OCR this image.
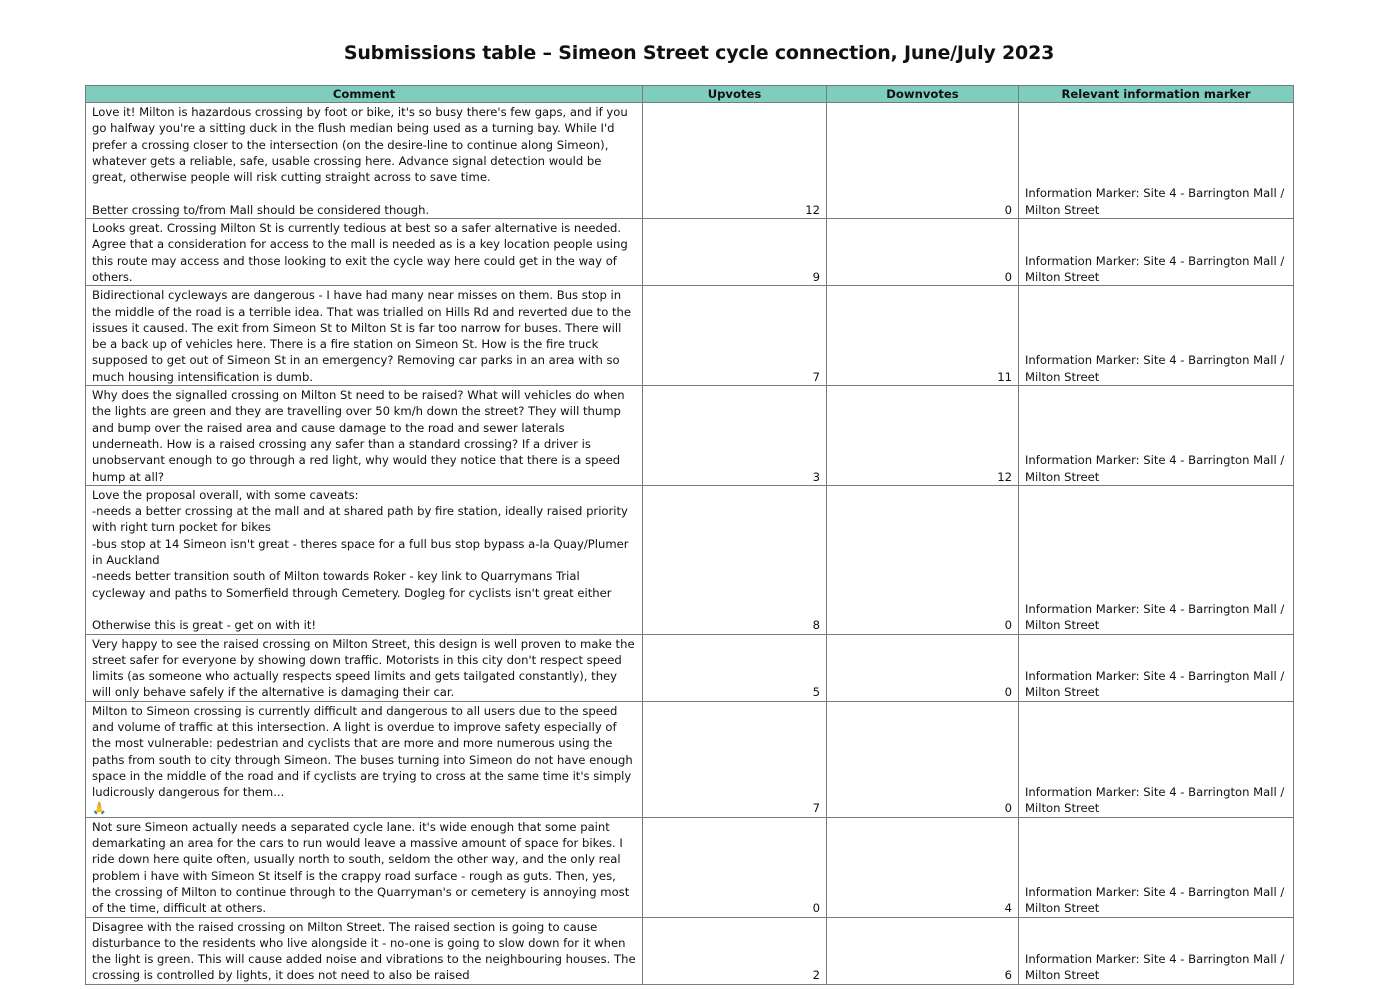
Submissions table – Simeon Street cycle connection, June/July 2023
Comment	Upvotes	Downvotes	Relevant information marker
Love it! Milton is hazardous crossing by foot or bike, it's so busy there's few gaps, and if you go halfway you're a sitting duck in the flush median being used as a turning bay. While I'd prefer a crossing closer to the intersection (on the desire-line to continue along Simeon), whatever gets a reliable, safe, usable crossing here. Advance signal detection would be great, otherwise people will risk cutting straight across to save time.

Better crossing to/from Mall should be considered though.	12	0	Information Marker: Site 4 - Barrington Mall / Milton Street
Looks great. Crossing Milton St is currently tedious at best so a safer alternative is needed. Agree that a consideration for access to the mall is needed as is a key location people using this route may access and those looking to exit the cycle way here could get in the way of others.	9	0	Information Marker: Site 4 - Barrington Mall / Milton Street
Bidirectional cycleways are dangerous - I have had many near misses on them. Bus stop in the middle of the road is a terrible idea. That was trialled on Hills Rd and reverted due to the issues it caused. The exit from Simeon St to Milton St is far too narrow for buses. There will be a back up of vehicles here. There is a fire station on Simeon St. How is the fire truck supposed to get out of Simeon St in an emergency? Removing car parks in an area with so much housing intensification is dumb.	7	11	Information Marker: Site 4 - Barrington Mall / Milton Street
Why does the signalled crossing on Milton St need to be raised? What will vehicles do when the lights are green and they are travelling over 50 km/h down the street? They will thump and bump over the raised area and cause damage to the road and sewer laterals underneath. How is a raised crossing any safer than a standard crossing? If a driver is unobservant enough to go through a red light, why would they notice that there is a speed hump at all?	3	12	Information Marker: Site 4 - Barrington Mall / Milton Street
Love the proposal overall, with some caveats:
-needs a better crossing at the mall and at shared path by fire station, ideally raised priority with right turn pocket for bikes
-bus stop at 14 Simeon isn't great - theres space for a full bus stop bypass a-la Quay/Plumer in Auckland
-needs better transition south of Milton towards Roker - key link to Quarrymans Trial cycleway and paths to Somerfield through Cemetery. Dogleg for cyclists isn't great either

Otherwise this is great - get on with it!	8	0	Information Marker: Site 4 - Barrington Mall / Milton Street
Very happy to see the raised crossing on Milton Street, this design is well proven to make the street safer for everyone by showing down traffic. Motorists in this city don't respect speed limits (as someone who actually respects speed limits and gets tailgated constantly), they will only behave safely if the alternative is damaging their car.	5	0	Information Marker: Site 4 - Barrington Mall / Milton Street
Milton to Simeon crossing is currently difficult and dangerous to all users due to the speed and volume of traffic at this intersection. A light is overdue to improve safety especially of the most vulnerable: pedestrian and cyclists that are more and more numerous using the paths from south to city through Simeon. The buses turning into Simeon do not have enough space in the middle of the road and if cyclists are trying to cross at the same time it's simply ludicrously dangerous for them...
🙏	7	0	Information Marker: Site 4 - Barrington Mall / Milton Street
Not sure Simeon actually needs a separated cycle lane. it's wide enough that some paint demarkating an area for the cars to run would leave a massive amount of space for bikes. I ride down here quite often, usually north to south, seldom the other way, and the only real problem i have with Simeon St itself is the crappy road surface - rough as guts. Then, yes, the crossing of Milton to continue through to the Quarryman's or cemetery is annoying most of the time, difficult at others.	0	4	Information Marker: Site 4 - Barrington Mall / Milton Street
Disagree with the raised crossing on Milton Street. The raised section is going to cause disturbance to the residents who live alongside it - no-one is going to slow down for it when the light is green. This will cause added noise and vibrations to the neighbouring houses. The crossing is controlled by lights, it does not need to also be raised	2	6	Information Marker: Site 4 - Barrington Mall / Milton Street
